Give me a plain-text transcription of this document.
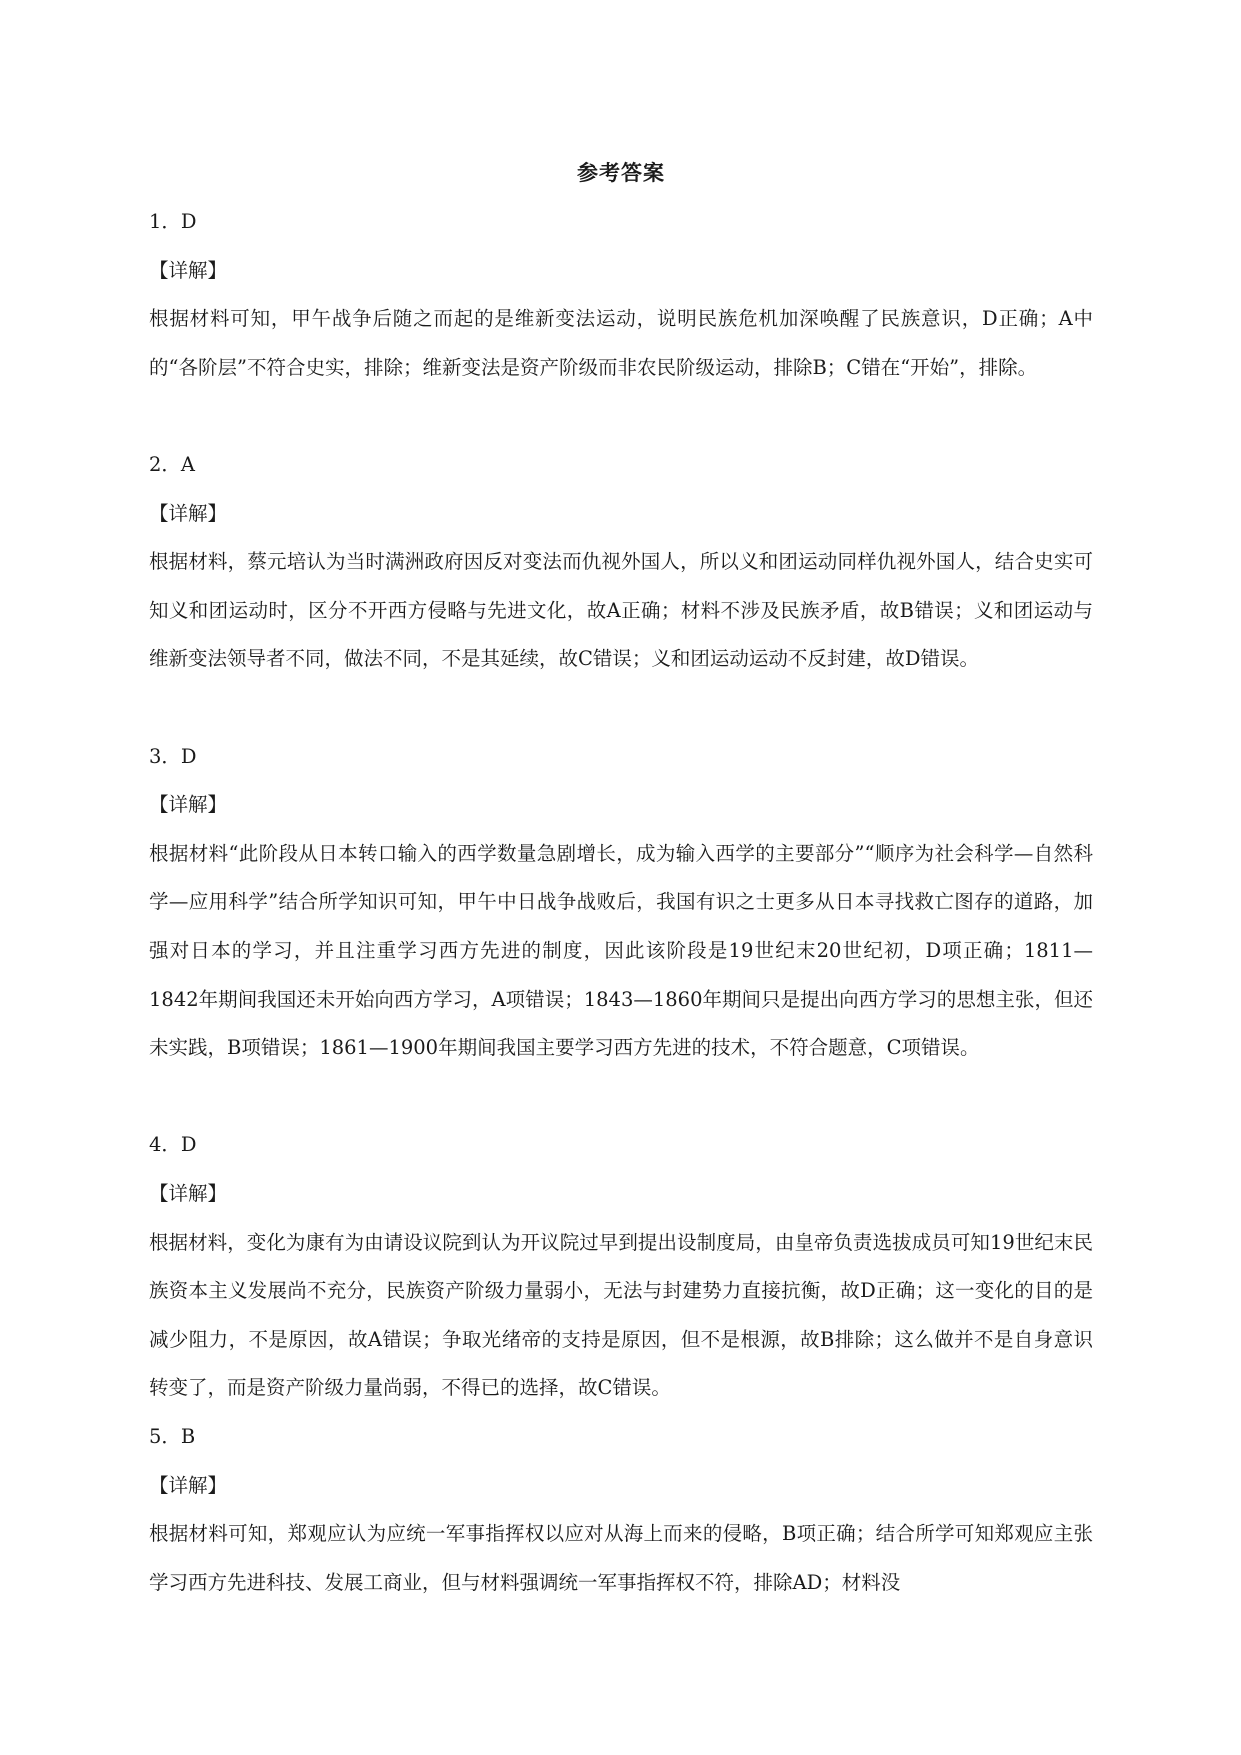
参考答案
1．D
【详解】
根据材料可知，甲午战争后随之而起的是维新变法运动，说明民族危机加深唤醒了民族意识，D正确；A中的“各阶层”不符合史实，排除；维新变法是资产阶级而非农民阶级运动，排除B；C错在“开始”，排除。
2．A
【详解】
根据材料，蔡元培认为当时满洲政府因反对变法而仇视外国人，所以义和团运动同样仇视外国人，结合史实可知义和团运动时，区分不开西方侵略与先进文化，故A正确；材料不涉及民族矛盾，故B错误；义和团运动与维新变法领导者不同，做法不同，不是其延续，故C错误；义和团运动运动不反封建，故D错误。
3．D
【详解】
根据材料“此阶段从日本转口输入的西学数量急剧增长，成为输入西学的主要部分”“顺序为社会科学—自然科学—应用科学”结合所学知识可知，甲午中日战争战败后，我国有识之士更多从日本寻找救亡图存的道路，加强对日本的学习，并且注重学习西方先进的制度，因此该阶段是19世纪末20世纪初，D项正确；1811—1842年期间我国还未开始向西方学习，A项错误；1843—1860年期间只是提出向西方学习的思想主张，但还未实践，B项错误；1861—1900年期间我国主要学习西方先进的技术，不符合题意，C项错误。
4．D
【详解】
根据材料，变化为康有为由请设议院到认为开议院过早到提出设制度局，由皇帝负责选拔成员可知19世纪末民族资本主义发展尚不充分，民族资产阶级力量弱小，无法与封建势力直接抗衡，故D正确；这一变化的目的是减少阻力，不是原因，故A错误；争取光绪帝的支持是原因，但不是根源，故B排除；这么做并不是自身意识转变了，而是资产阶级力量尚弱，不得已的选择，故C错误。
5．B
【详解】
根据材料可知，郑观应认为应统一军事指挥权以应对从海上而来的侵略，B项正确；结合所学可知郑观应主张学习西方先进科技、发展工商业，但与材料强调统一军事指挥权不符，排除AD；材料没
